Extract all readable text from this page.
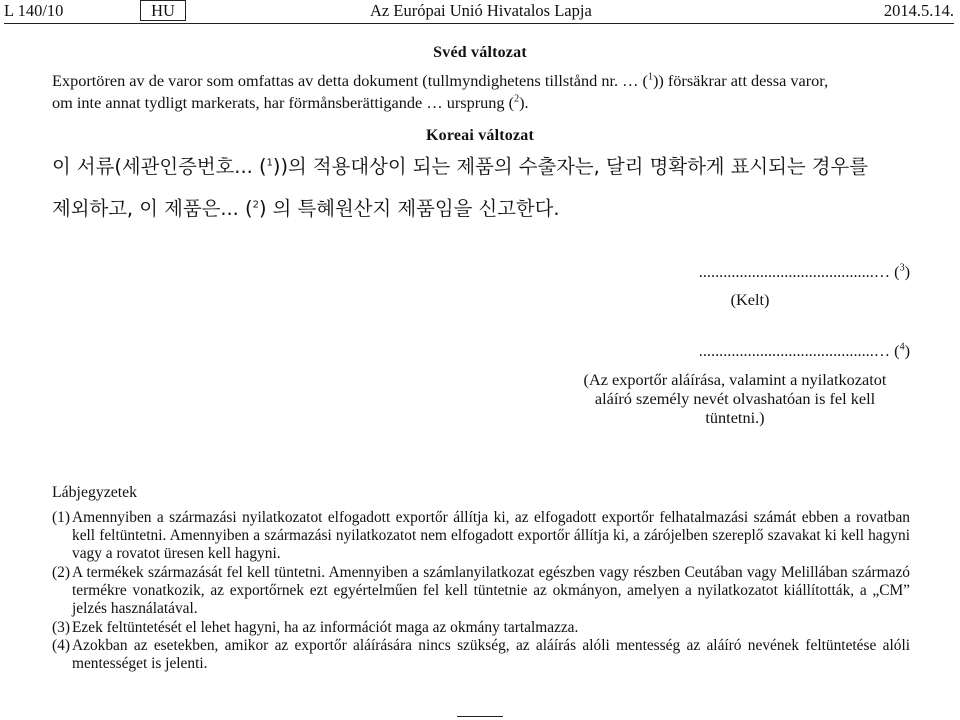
L 140/10	HU	Az Európai Unió Hivatalos Lapja	2014.5.14.
Svéd változat
Exportören av de varor som omfattas av detta dokument (tullmyndighetens tillstånd nr. … ($^1$)) försäkrar att dessa varor,
om inte annat tydligt markerats, har förmånsberättigande … ursprung ($^2$).
Koreai változat
이 서류(세관인증번호... ($^1$))의 적용대상이 되는 제품의 수출자는, 달리 명확하게 표시되는 경우를
제외하고, 이 제품은... ($^2$) 의 특혜원산지 제품임을 신고한다.
...........................................… ($^3$)
(Kelt)
...........................................… ($^4$)
(Az exportőr aláírása, valamint a nyilatkozatot
aláíró személy nevét olvashatóan is fel kell
tüntetni.)
Lábjegyzetek
(1) Amennyiben a származási nyilatkozatot elfogadott exportőr állítja ki, az elfogadott exportőr felhatalmazási számát ebben a rovatban kell feltüntetni. Amennyiben a származási nyilatkozatot nem elfogadott exportőr állítja ki, a zárójelben szereplő szavakat ki kell hagyni vagy a rovatot üresen kell hagyni.
(2) A termékek származását fel kell tüntetni. Amennyiben a számlanyilatkozat egészben vagy részben Ceutában vagy Melillában származó termékre vonatkozik, az exportőrnek ezt egyértelműen fel kell tüntetnie az okmányon, amelyen a nyilatkozatot kiállították, a „CM” jelzés használatával.
(3) Ezek feltüntetését el lehet hagyni, ha az információt maga az okmány tartalmazza.
(4) Azokban az esetekben, amikor az exportőr aláírására nincs szükség, az aláírás alóli mentesség az aláíró nevének feltüntetése alóli mentességet is jelenti.
